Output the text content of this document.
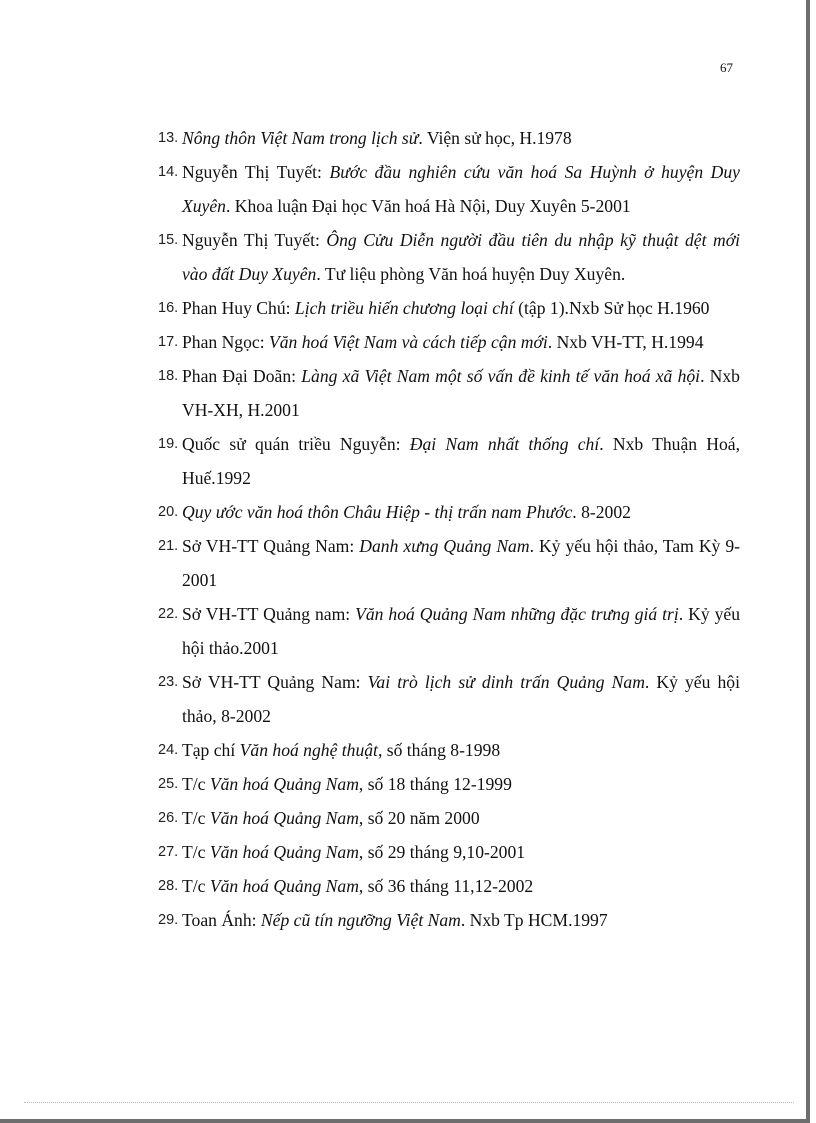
67
13. Nông thôn Việt Nam trong lịch sử. Viện sử học, H.1978
14. Nguyễn Thị Tuyết: Bước đầu nghiên cứu văn hoá Sa Huỳnh ở huyện Duy Xuyên. Khoa luận Đại học Văn hoá Hà Nội, Duy Xuyên 5-2001
15. Nguyễn Thị Tuyết: Ông Cửu Diễn người đầu tiên du nhập kỹ thuật dệt mới vào đất Duy Xuyên. Tư liệu phòng Văn hoá huyện Duy Xuyên.
16. Phan Huy Chú: Lịch triều hiến chương loại chí (tập 1).Nxb Sử học H.1960
17. Phan Ngọc: Văn hoá Việt Nam và cách tiếp cận mới. Nxb VH-TT, H.1994
18. Phan Đại Doãn: Làng xã Việt Nam một số vấn đề kinh tế văn hoá xã hội. Nxb VH-XH, H.2001
19. Quốc sử quán triều Nguyễn: Đại Nam nhất thống chí. Nxb Thuận Hoá, Huế.1992
20. Quy ước văn hoá thôn Châu Hiệp - thị trấn nam Phước. 8-2002
21. Sở VH-TT Quảng Nam: Danh xưng Quảng Nam. Kỷ yếu hội thảo, Tam Kỳ 9-2001
22. Sở VH-TT Quảng nam: Văn hoá Quảng Nam những đặc trưng giá trị. Kỷ yếu hội thảo.2001
23. Sở VH-TT Quảng Nam: Vai trò lịch sử dinh trấn Quảng Nam. Kỷ yếu hội thảo, 8-2002
24. Tạp chí Văn hoá nghệ thuật, số tháng 8-1998
25. T/c Văn hoá Quảng Nam, số 18 tháng 12-1999
26. T/c Văn hoá Quảng Nam, số 20 năm 2000
27. T/c Văn hoá Quảng Nam, số 29 tháng 9,10-2001
28. T/c Văn hoá Quảng Nam, số 36 tháng 11,12-2002
29. Toan Ánh: Nếp cũ tín ngưỡng Việt Nam. Nxb Tp HCM.1997
